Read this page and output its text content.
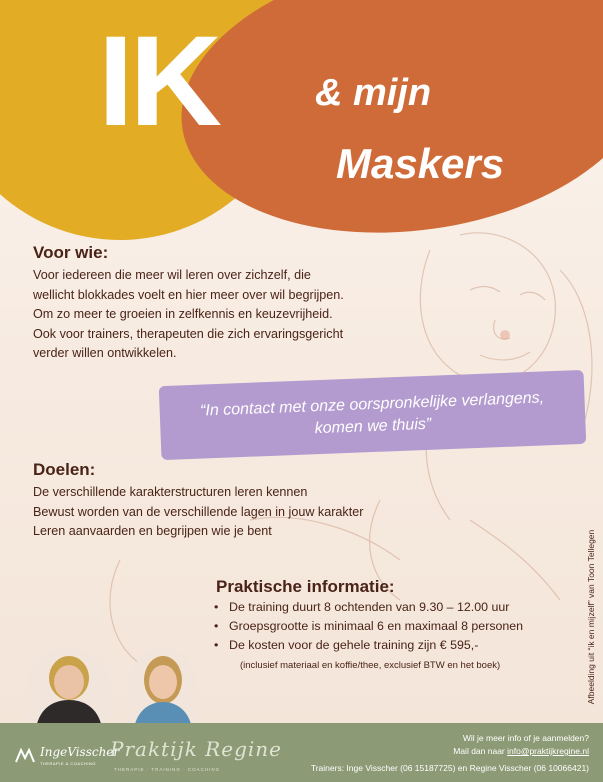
IK	& mijn
Maskers
Voor wie:
Voor iedereen die meer wil leren over zichzelf, die
wellicht blokkades voelt en hier meer over wil begrijpen.
Om zo meer te groeien in zelfkennis en keuzevrijheid.
Ook voor trainers, therapeuten die zich ervaringsgericht
verder willen ontwikkelen.
“In contact met onze oorspronkelijke verlangens,
komen we thuis”
Doelen:
De verschillende karakterstructuren leren kennen
Bewust worden van de verschillende lagen in jouw karakter
Leren aanvaarden en begrijpen wie je bent
Praktische informatie:
• De training duurt 8 ochtenden van 9.30 – 12.00 uur
• Groepsgrootte is minimaal 6 en maximaal 8 personen
• De kosten voor de gehele training zijn € 595,-
(inclusief materiaal en koffie/thee, exclusief BTW en het boek)	Afbeelding uit “ik en mijzelf” van Toon Tellegen
IngeVisscher
THERAPIE & COACHING
Praktijk Regine
THERAPIE · TRAINING · COACHING
Wil je meer info of je aanmelden?
Mail dan naar info@praktijkregine.nl
Trainers: Inge Visscher (06 15187725) en Regine Visscher (06 10066421)
